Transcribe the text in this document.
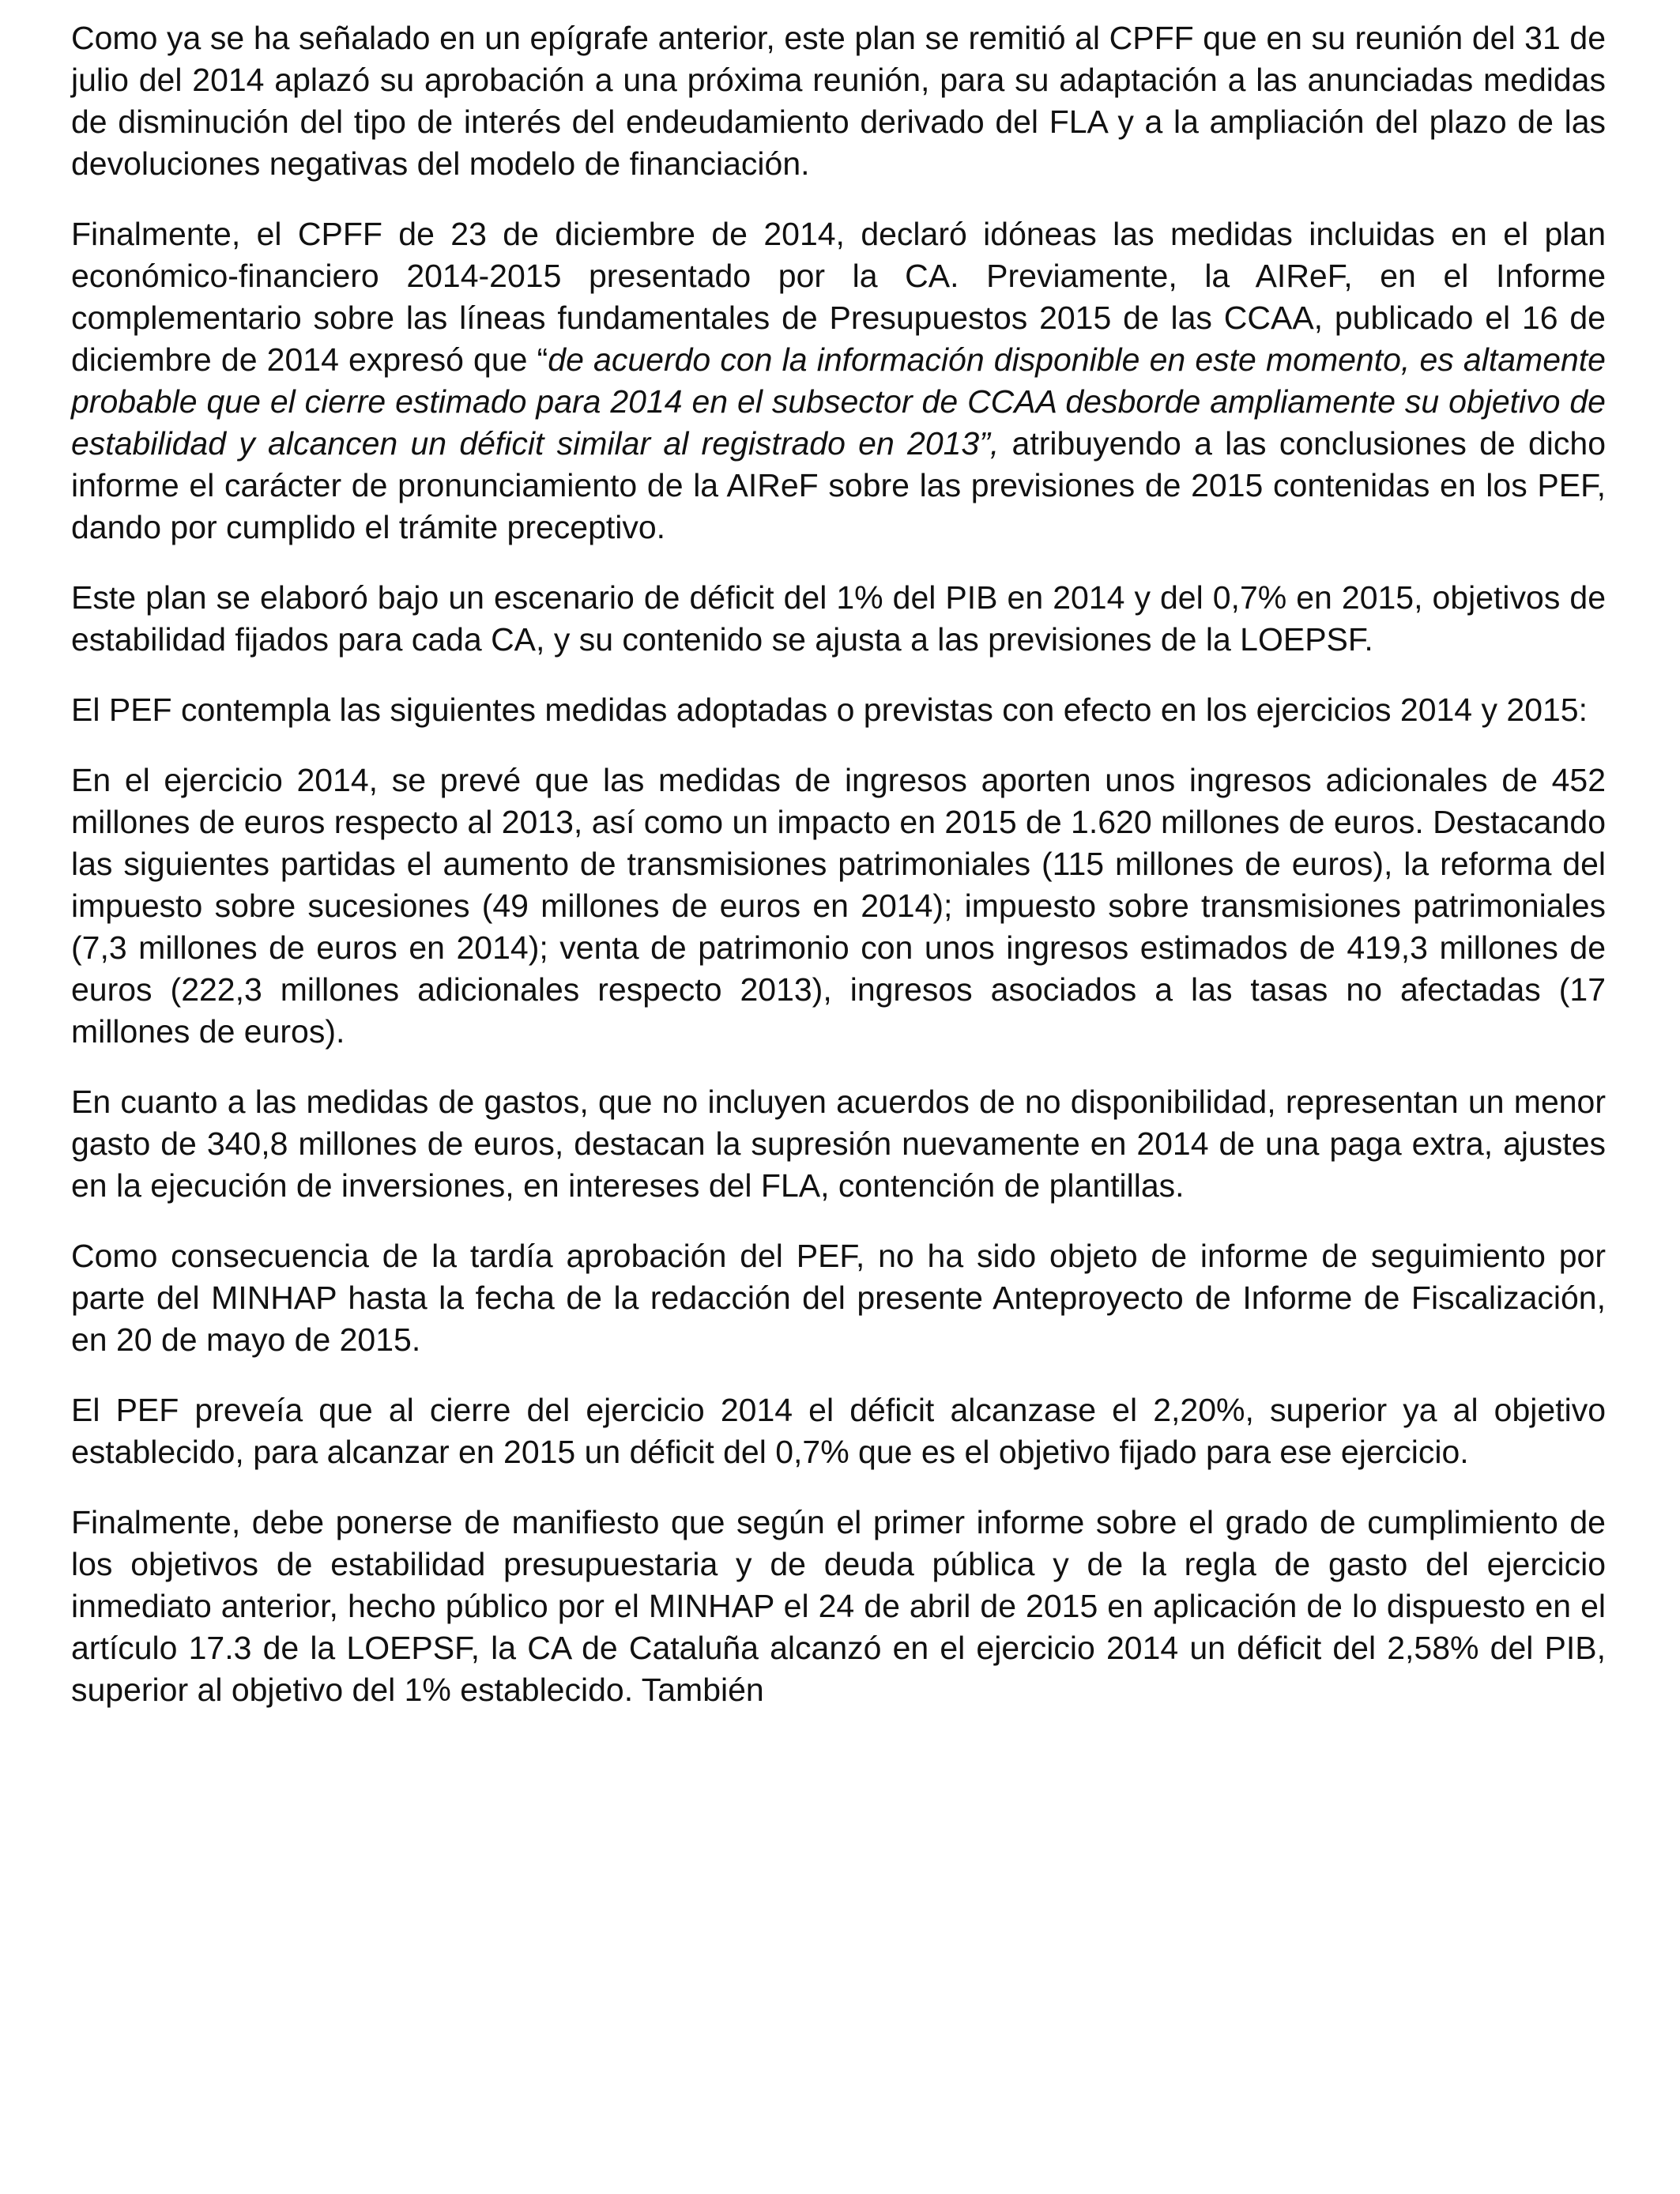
Como ya se ha señalado en un epígrafe anterior, este plan se remitió al CPFF que en su reunión del 31 de julio del 2014 aplazó su aprobación a una próxima reunión, para su adaptación a las anunciadas medidas de disminución del tipo de interés del endeudamiento derivado del FLA y a la ampliación del plazo de las devoluciones negativas del modelo de financiación.

Finalmente, el CPFF de 23 de diciembre de 2014, declaró idóneas las medidas incluidas en el plan económico-financiero 2014-2015 presentado por la CA. Previamente, la AIReF, en el Informe complementario sobre las líneas fundamentales de Presupuestos 2015 de las CCAA, publicado el 16 de diciembre de 2014 expresó que “de acuerdo con la información disponible en este momento, es altamente probable que el cierre estimado para 2014 en el subsector de CCAA desborde ampliamente su objetivo de estabilidad y alcancen un déficit similar al registrado en 2013”, atribuyendo a las conclusiones de dicho informe el carácter de pronunciamiento de la AIReF sobre las previsiones de 2015 contenidas en los PEF, dando por cumplido el trámite preceptivo.

Este plan se elaboró bajo un escenario de déficit del 1% del PIB en 2014 y del 0,7% en 2015, objetivos de estabilidad fijados para cada CA, y su contenido se ajusta a las previsiones de la LOEPSF.

El PEF contempla las siguientes medidas adoptadas o previstas con efecto en los ejercicios 2014 y 2015:

En el ejercicio 2014, se prevé que las medidas de ingresos aporten unos ingresos adicionales de 452 millones de euros respecto al 2013, así como un impacto en 2015 de 1.620 millones de euros. Destacando las siguientes partidas el aumento de transmisiones patrimoniales (115 millones de euros), la reforma del impuesto sobre sucesiones (49 millones de euros en 2014); impuesto sobre transmisiones patrimoniales (7,3 millones de euros en 2014); venta de patrimonio con unos ingresos estimados de 419,3 millones de euros (222,3 millones adicionales respecto 2013), ingresos asociados a las tasas no afectadas (17 millones de euros).

En cuanto a las medidas de gastos, que no incluyen acuerdos de no disponibilidad, representan un menor gasto de 340,8 millones de euros, destacan la supresión nuevamente en 2014 de una paga extra, ajustes en la ejecución de inversiones, en intereses del FLA, contención de plantillas.

Como consecuencia de la tardía aprobación del PEF, no ha sido objeto de informe de seguimiento por parte del MINHAP hasta la fecha de la redacción del presente Anteproyecto de Informe de Fiscalización, en 20 de mayo de 2015.

El PEF preveía que al cierre del ejercicio 2014 el déficit alcanzase el 2,20%, superior ya al objetivo establecido, para alcanzar en 2015 un déficit del 0,7% que es el objetivo fijado para ese ejercicio.

Finalmente, debe ponerse de manifiesto que según el primer informe sobre el grado de cumplimiento de los objetivos de estabilidad presupuestaria y de deuda pública y de la regla de gasto del ejercicio inmediato anterior, hecho público por el MINHAP el 24 de abril de 2015 en aplicación de lo dispuesto en el artículo 17.3 de la LOEPSF, la CA de Cataluña alcanzó en el ejercicio 2014 un déficit del 2,58% del PIB, superior al objetivo del 1% establecido. También
